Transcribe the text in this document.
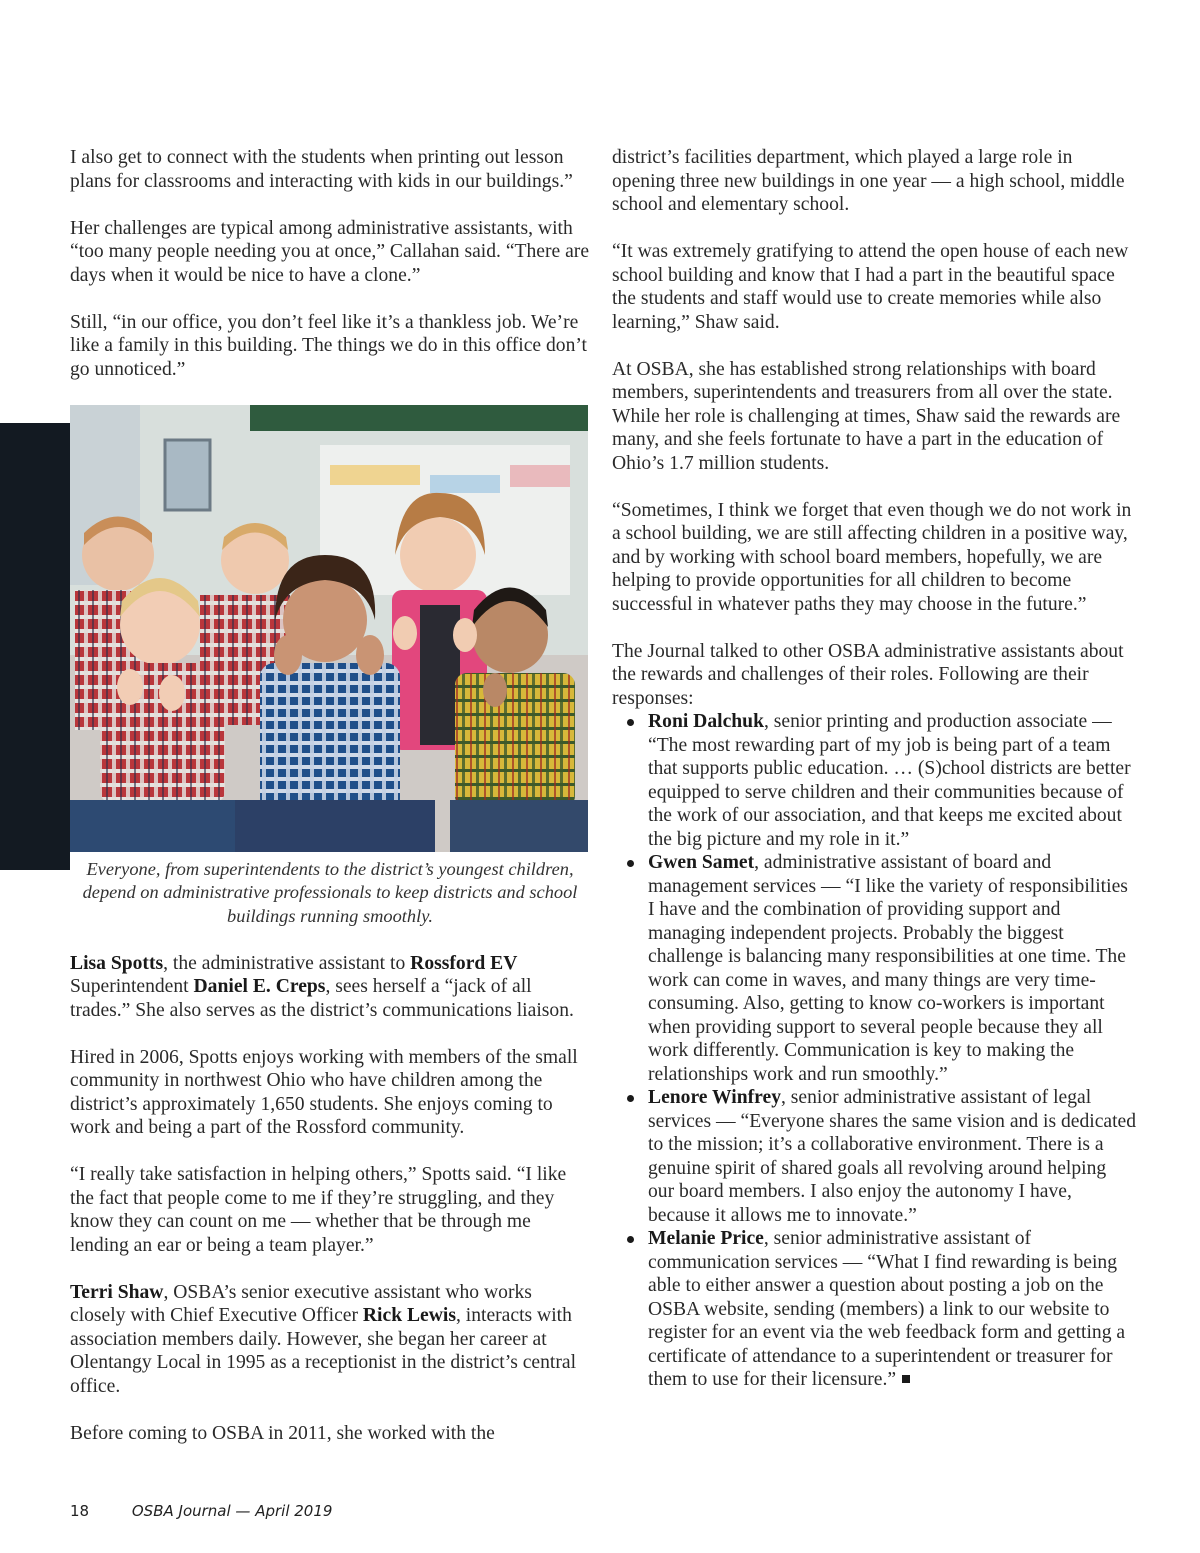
I also get to connect with the students when printing out lesson plans for classrooms and interacting with kids in our buildings.”

Her challenges are typical among administrative assistants, with “too many people needing you at once,” Callahan said. “There are days when it would be nice to have a clone.”

Still, “in our office, you don’t feel like it’s a thankless job. We’re like a family in this building. The things we do in this office don’t go unnoticed.”

Everyone, from superintendents to the district’s youngest children, depend on administrative professionals to keep districts and school buildings running smoothly.

Lisa Spotts, the administrative assistant to Rossford EV Superintendent Daniel E. Creps, sees herself a “jack of all trades.” She also serves as the district’s communications liaison.

Hired in 2006, Spotts enjoys working with members of the small community in northwest Ohio who have children among the district’s approximately 1,650 students. She enjoys coming to work and being a part of the Rossford community.

“I really take satisfaction in helping others,” Spotts said. “I like the fact that people come to me if they’re struggling, and they know they can count on me — whether that be through me lending an ear or being a team player.”

Terri Shaw, OSBA’s senior executive assistant who works closely with Chief Executive Officer Rick Lewis, interacts with association members daily. However, she began her career at Olentangy Local in 1995 as a receptionist in the district’s central office.

Before coming to OSBA in 2011, she worked with the

district’s facilities department, which played a large role in opening three new buildings in one year — a high school, middle school and elementary school.

“It was extremely gratifying to attend the open house of each new school building and know that I had a part in the beautiful space the students and staff would use to create memories while also learning,” Shaw said.

At OSBA, she has established strong relationships with board members, superintendents and treasurers from all over the state. While her role is challenging at times, Shaw said the rewards are many, and she feels fortunate to have a part in the education of Ohio’s 1.7 million students.

“Sometimes, I think we forget that even though we do not work in a school building, we are still affecting children in a positive way, and by working with school board members, hopefully, we are helping to provide opportunities for all children to become successful in whatever paths they may choose in the future.”

The Journal talked to other OSBA administrative assistants about the rewards and challenges of their roles. Following are their responses:

Roni Dalchuk, senior printing and production associate — “The most rewarding part of my job is being part of a team that supports public education. … (S)chool districts are better equipped to serve children and their communities because of the work of our association, and that keeps me excited about the big picture and my role in it.”
Gwen Samet, administrative assistant of board and management services — “I like the variety of responsibilities I have and the combination of providing support and managing independent projects. Probably the biggest challenge is balancing many responsibilities at one time. The work can come in waves, and many things are very time-consuming. Also, getting to know co-workers is important when providing support to several people because they all work differently. Communication is key to making the relationships work and run smoothly.”
Lenore Winfrey, senior administrative assistant of legal services — “Everyone shares the same vision and is dedicated to the mission; it’s a collaborative environment. There is a genuine spirit of shared goals all revolving around helping our board members. I also enjoy the autonomy I have, because it allows me to innovate.”
Melanie Price, senior administrative assistant of communication services — “What I find rewarding is being able to either answer a question about posting a job on the OSBA website, sending (members) a link to our website to register for an event via the web feedback form and getting a certificate of attendance to a superintendent or treasurer for them to use for their licensure.”
18	OSBA Journal — April 2019
